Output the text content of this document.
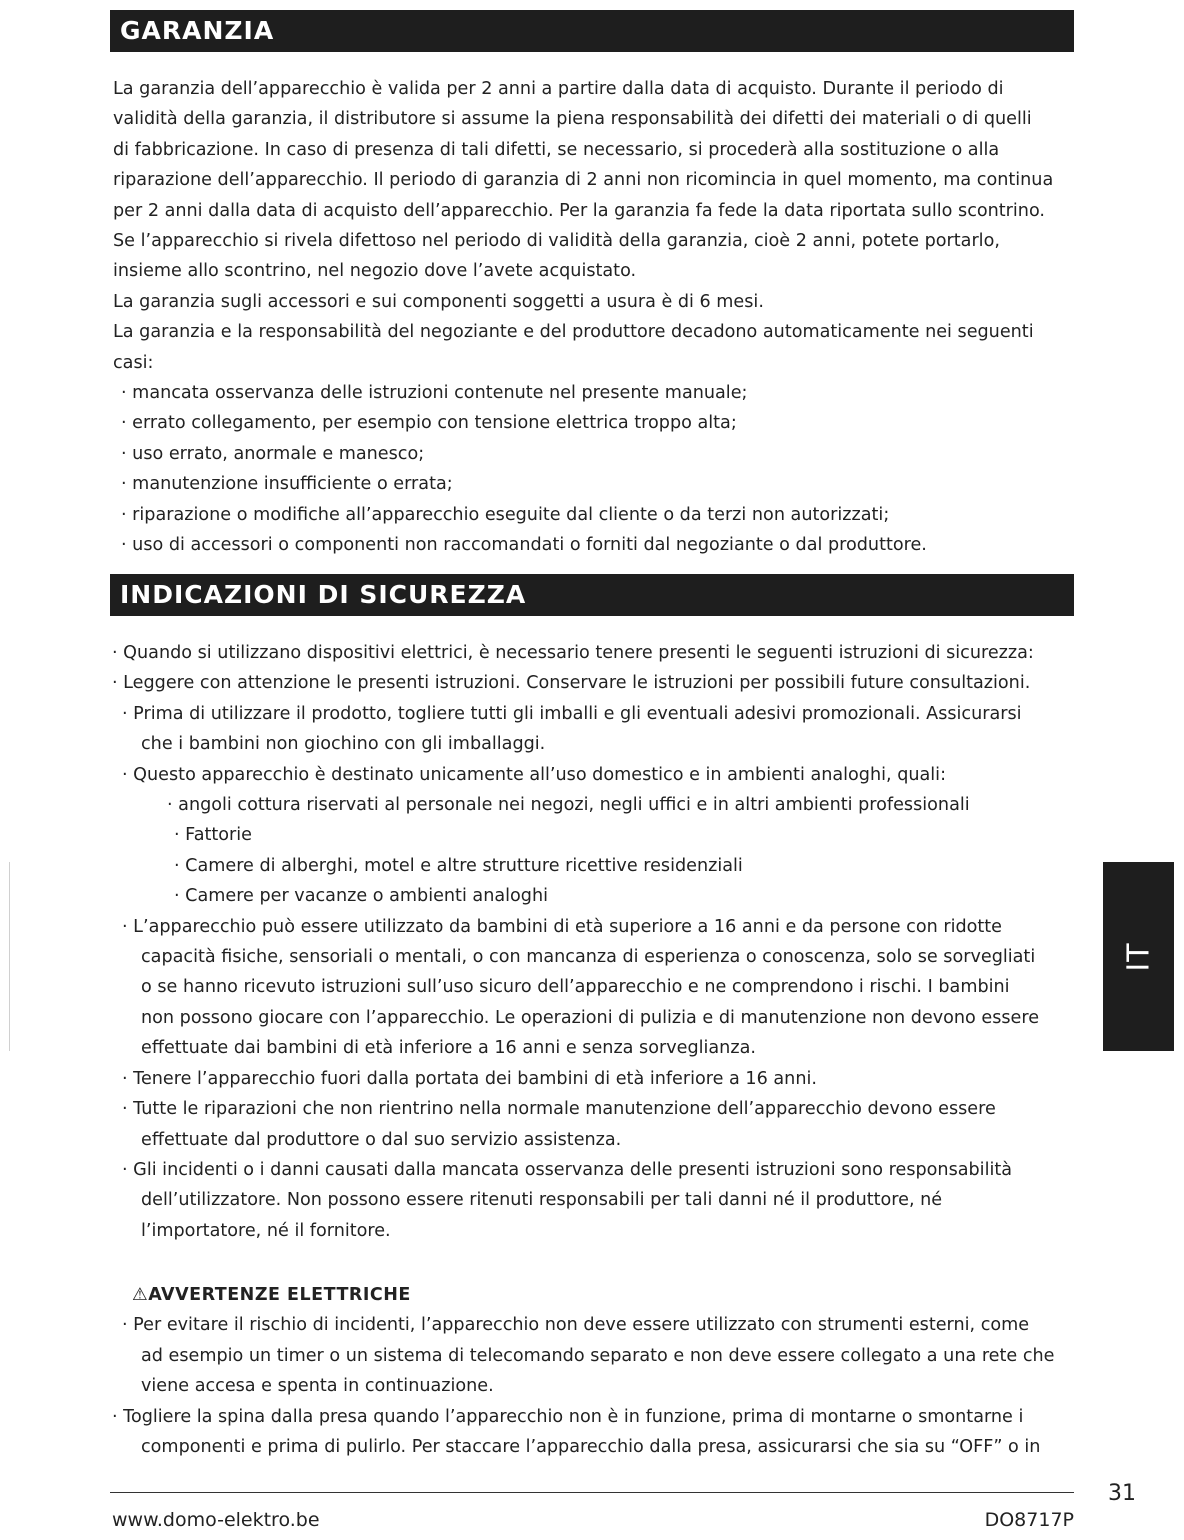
GARANZIA

La garanzia dell’apparecchio è valida per 2 anni a partire dalla data di acquisto. Durante il periodo di

validità della garanzia, il distributore si assume la piena responsabilità dei difetti dei materiali o di quelli

di fabbricazione. In caso di presenza di tali difetti, se necessario, si procederà alla sostituzione o alla

riparazione dell’apparecchio. Il periodo di garanzia di 2 anni non ricomincia in quel momento, ma continua

per 2 anni dalla data di acquisto dell’apparecchio. Per la garanzia fa fede la data riportata sullo scontrino.

Se l’apparecchio si rivela difettoso nel periodo di validità della garanzia, cioè 2 anni, potete portarlo,

insieme allo scontrino, nel negozio dove l’avete acquistato.

La garanzia sugli accessori e sui componenti soggetti a usura è di 6 mesi.

La garanzia e la responsabilità del negoziante e del produttore decadono automaticamente nei seguenti

casi:

· mancata osservanza delle istruzioni contenute nel presente manuale;

· errato collegamento, per esempio con tensione elettrica troppo alta;

· uso errato, anormale e manesco;

· manutenzione insufficiente o errata;

· riparazione o modifiche all’apparecchio eseguite dal cliente o da terzi non autorizzati;

· uso di accessori o componenti non raccomandati o forniti dal negoziante o dal produttore.

INDICAZIONI DI SICUREZZA

· Quando si utilizzano dispositivi elettrici, è necessario tenere presenti le seguenti istruzioni di sicurezza:

· Leggere con attenzione le presenti istruzioni. Conservare le istruzioni per possibili future consultazioni.

· Prima di utilizzare il prodotto, togliere tutti gli imballi e gli eventuali adesivi promozionali. Assicurarsi

che i bambini non giochino con gli imballaggi.

· Questo apparecchio è destinato unicamente all’uso domestico e in ambienti analoghi, quali:

· angoli cottura riservati al personale nei negozi, negli uffici e in altri ambienti professionali

· Fattorie

· Camere di alberghi, motel e altre strutture ricettive residenziali

· Camere per vacanze o ambienti analoghi

· L’apparecchio può essere utilizzato da bambini di età superiore a 16 anni e da persone con ridotte

capacità fisiche, sensoriali o mentali, o con mancanza di esperienza o conoscenza, solo se sorvegliati

o se hanno ricevuto istruzioni sull’uso sicuro dell’apparecchio e ne comprendono i rischi. I bambini

non possono giocare con l’apparecchio. Le operazioni di pulizia e di manutenzione non devono essere

effettuate dai bambini di età inferiore a 16 anni e senza sorveglianza.

· Tenere l’apparecchio fuori dalla portata dei bambini di età inferiore a 16 anni.

· Tutte le riparazioni che non rientrino nella normale manutenzione dell’apparecchio devono essere

effettuate dal produttore o dal suo servizio assistenza.

· Gli incidenti o i danni causati dalla mancata osservanza delle presenti istruzioni sono responsabilità

dell’utilizzatore. Non possono essere ritenuti responsabili per tali danni né il produttore, né

l’importatore, né il fornitore.

⚠AVVERTENZE ELETTRICHE

· Per evitare il rischio di incidenti, l’apparecchio non deve essere utilizzato con strumenti esterni, come

ad esempio un timer o un sistema di telecomando separato e non deve essere collegato a una rete che

viene accesa e spenta in continuazione.

· Togliere la spina dalla presa quando l’apparecchio non è in funzione, prima di montarne o smontarne i

componenti e prima di pulirlo. Per staccare l’apparecchio dalla presa, assicurarsi che sia su “OFF” o in

IT
31
www.domo-elektro.be	DO8717P
